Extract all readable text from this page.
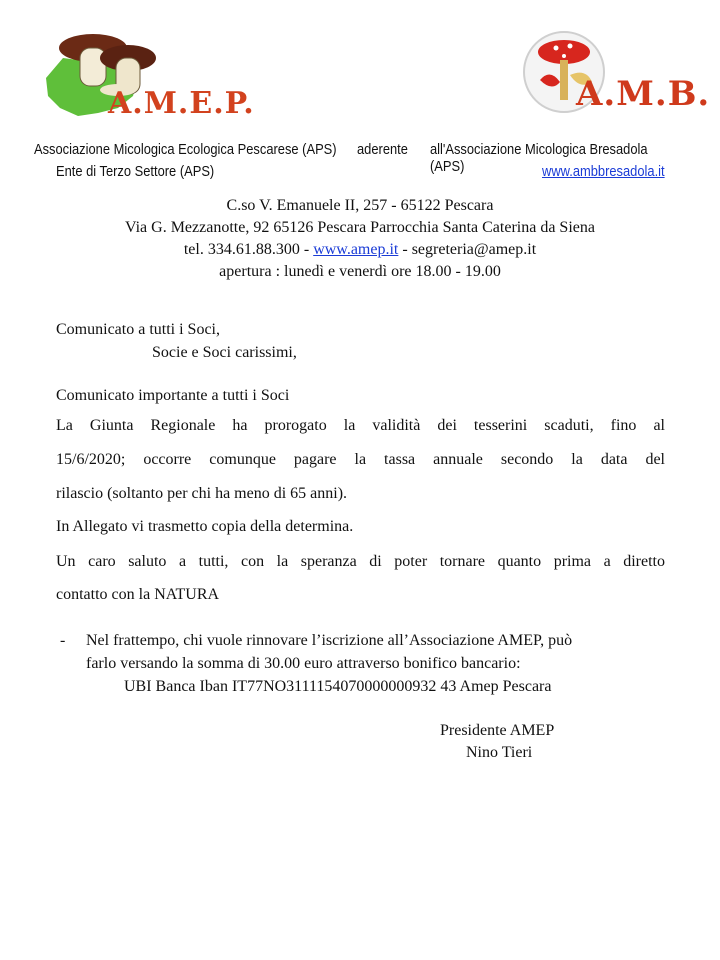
A.M.E.P.	A.M.B.
Associazione Micologica Ecologica Pescarese (APS) aderente all'Associazione Micologica Bresadola (APS)
Ente di Terzo Settore (APS)	www.ambbresadola.it
C.so V. Emanuele II, 257 - 65122 Pescara
Via G. Mezzanotte, 92 65126 Pescara Parrocchia Santa Caterina da Siena
tel. 334.61.88.300 - www.amep.it - segreteria@amep.it
apertura : lunedì e venerdì ore 18.00 - 19.00
Comunicato a tutti i Soci,
Socie e Soci carissimi,
Comunicato importante a tutti i Soci
La Giunta Regionale ha prorogato la validità dei tesserini scaduti, fino al
15/6/2020; occorre comunque pagare la tassa annuale secondo la data del
rilascio (soltanto per chi ha meno di 65 anni).
In Allegato vi trasmetto copia della determina.
Un caro saluto a tutti, con la speranza di poter tornare quanto prima a diretto
contatto con la NATURA
- Nel frattempo, chi vuole rinnovare l’iscrizione all’Associazione AMEP, può
farlo versando la somma di 30.00 euro attraverso bonifico bancario:
UBI Banca Iban IT77NO3111154070000000932 43 Amep Pescara
Presidente AMEP
Nino Tieri
